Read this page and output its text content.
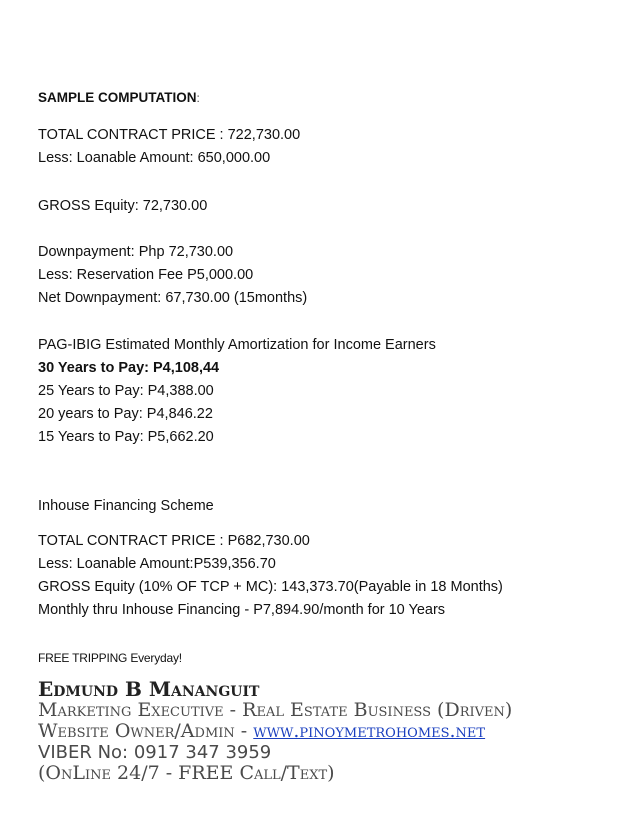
SAMPLE COMPUTATION:
TOTAL CONTRACT PRICE : 722,730.00
Less: Loanable Amount: 650,000.00
GROSS Equity: 72,730.00
Downpayment: Php 72,730.00
Less: Reservation Fee P5,000.00
Net Downpayment: 67,730.00 (15months)
PAG-IBIG Estimated Monthly Amortization for Income Earners
30 Years to Pay: P4,108,44
25 Years to Pay: P4,388.00
20 years to Pay: P4,846.22
15 Years to Pay: P5,662.20
Inhouse Financing Scheme
TOTAL CONTRACT PRICE : P682,730.00
Less: Loanable Amount:P539,356.70
GROSS Equity (10% OF TCP + MC): 143,373.70(Payable in 18 Months)
Monthly thru Inhouse Financing - P7,894.90/month for 10 Years
FREE TRIPPING Everyday!
Edmund B Mananguit
Marketing Executive - Real Estate Business (Driven)
Website Owner/Admin - www.pinoymetrohomes.net
VIBER No: 0917 347 3959
(OnLine 24/7 - FREE Call/Text)
